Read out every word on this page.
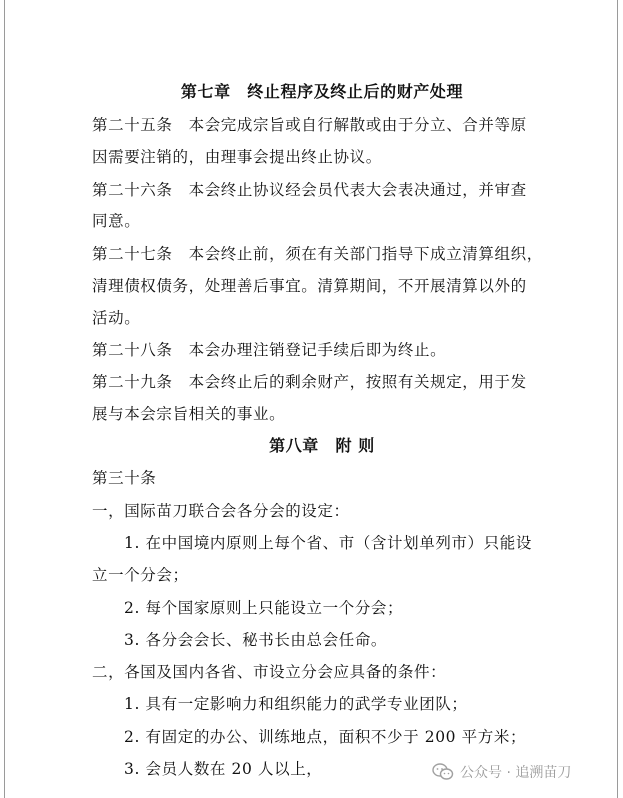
第七章　终止程序及终止后的财产处理
第二十五条　本会完成宗旨或自行解散或由于分立、合并等原
因需要注销的，由理事会提出终止协议。
第二十六条　本会终止协议经会员代表大会表决通过，并审查
同意。
第二十七条　本会终止前，须在有关部门指导下成立清算组织，
清理债权债务，处理善后事宜。清算期间，不开展清算以外的
活动。
第二十八条　本会办理注销登记手续后即为终止。
第二十九条　本会终止后的剩余财产，按照有关规定，用于发
展与本会宗旨相关的事业。
第八章　附 则
第三十条
一，国际苗刀联合会各分会的设定：
1. 在中国境内原则上每个省、市（含计划单列市）只能设
立一个分会；
2. 每个国家原则上只能设立一个分会；
3. 各分会会长、秘书长由总会任命。
二，各国及国内各省、市设立分会应具备的条件：
1. 具有一定影响力和组织能力的武学专业团队；
2. 有固定的办公、训练地点，面积不少于 200 平方米；
3. 会员人数在 20 人以上，	公众号 · 追溯苗刀
